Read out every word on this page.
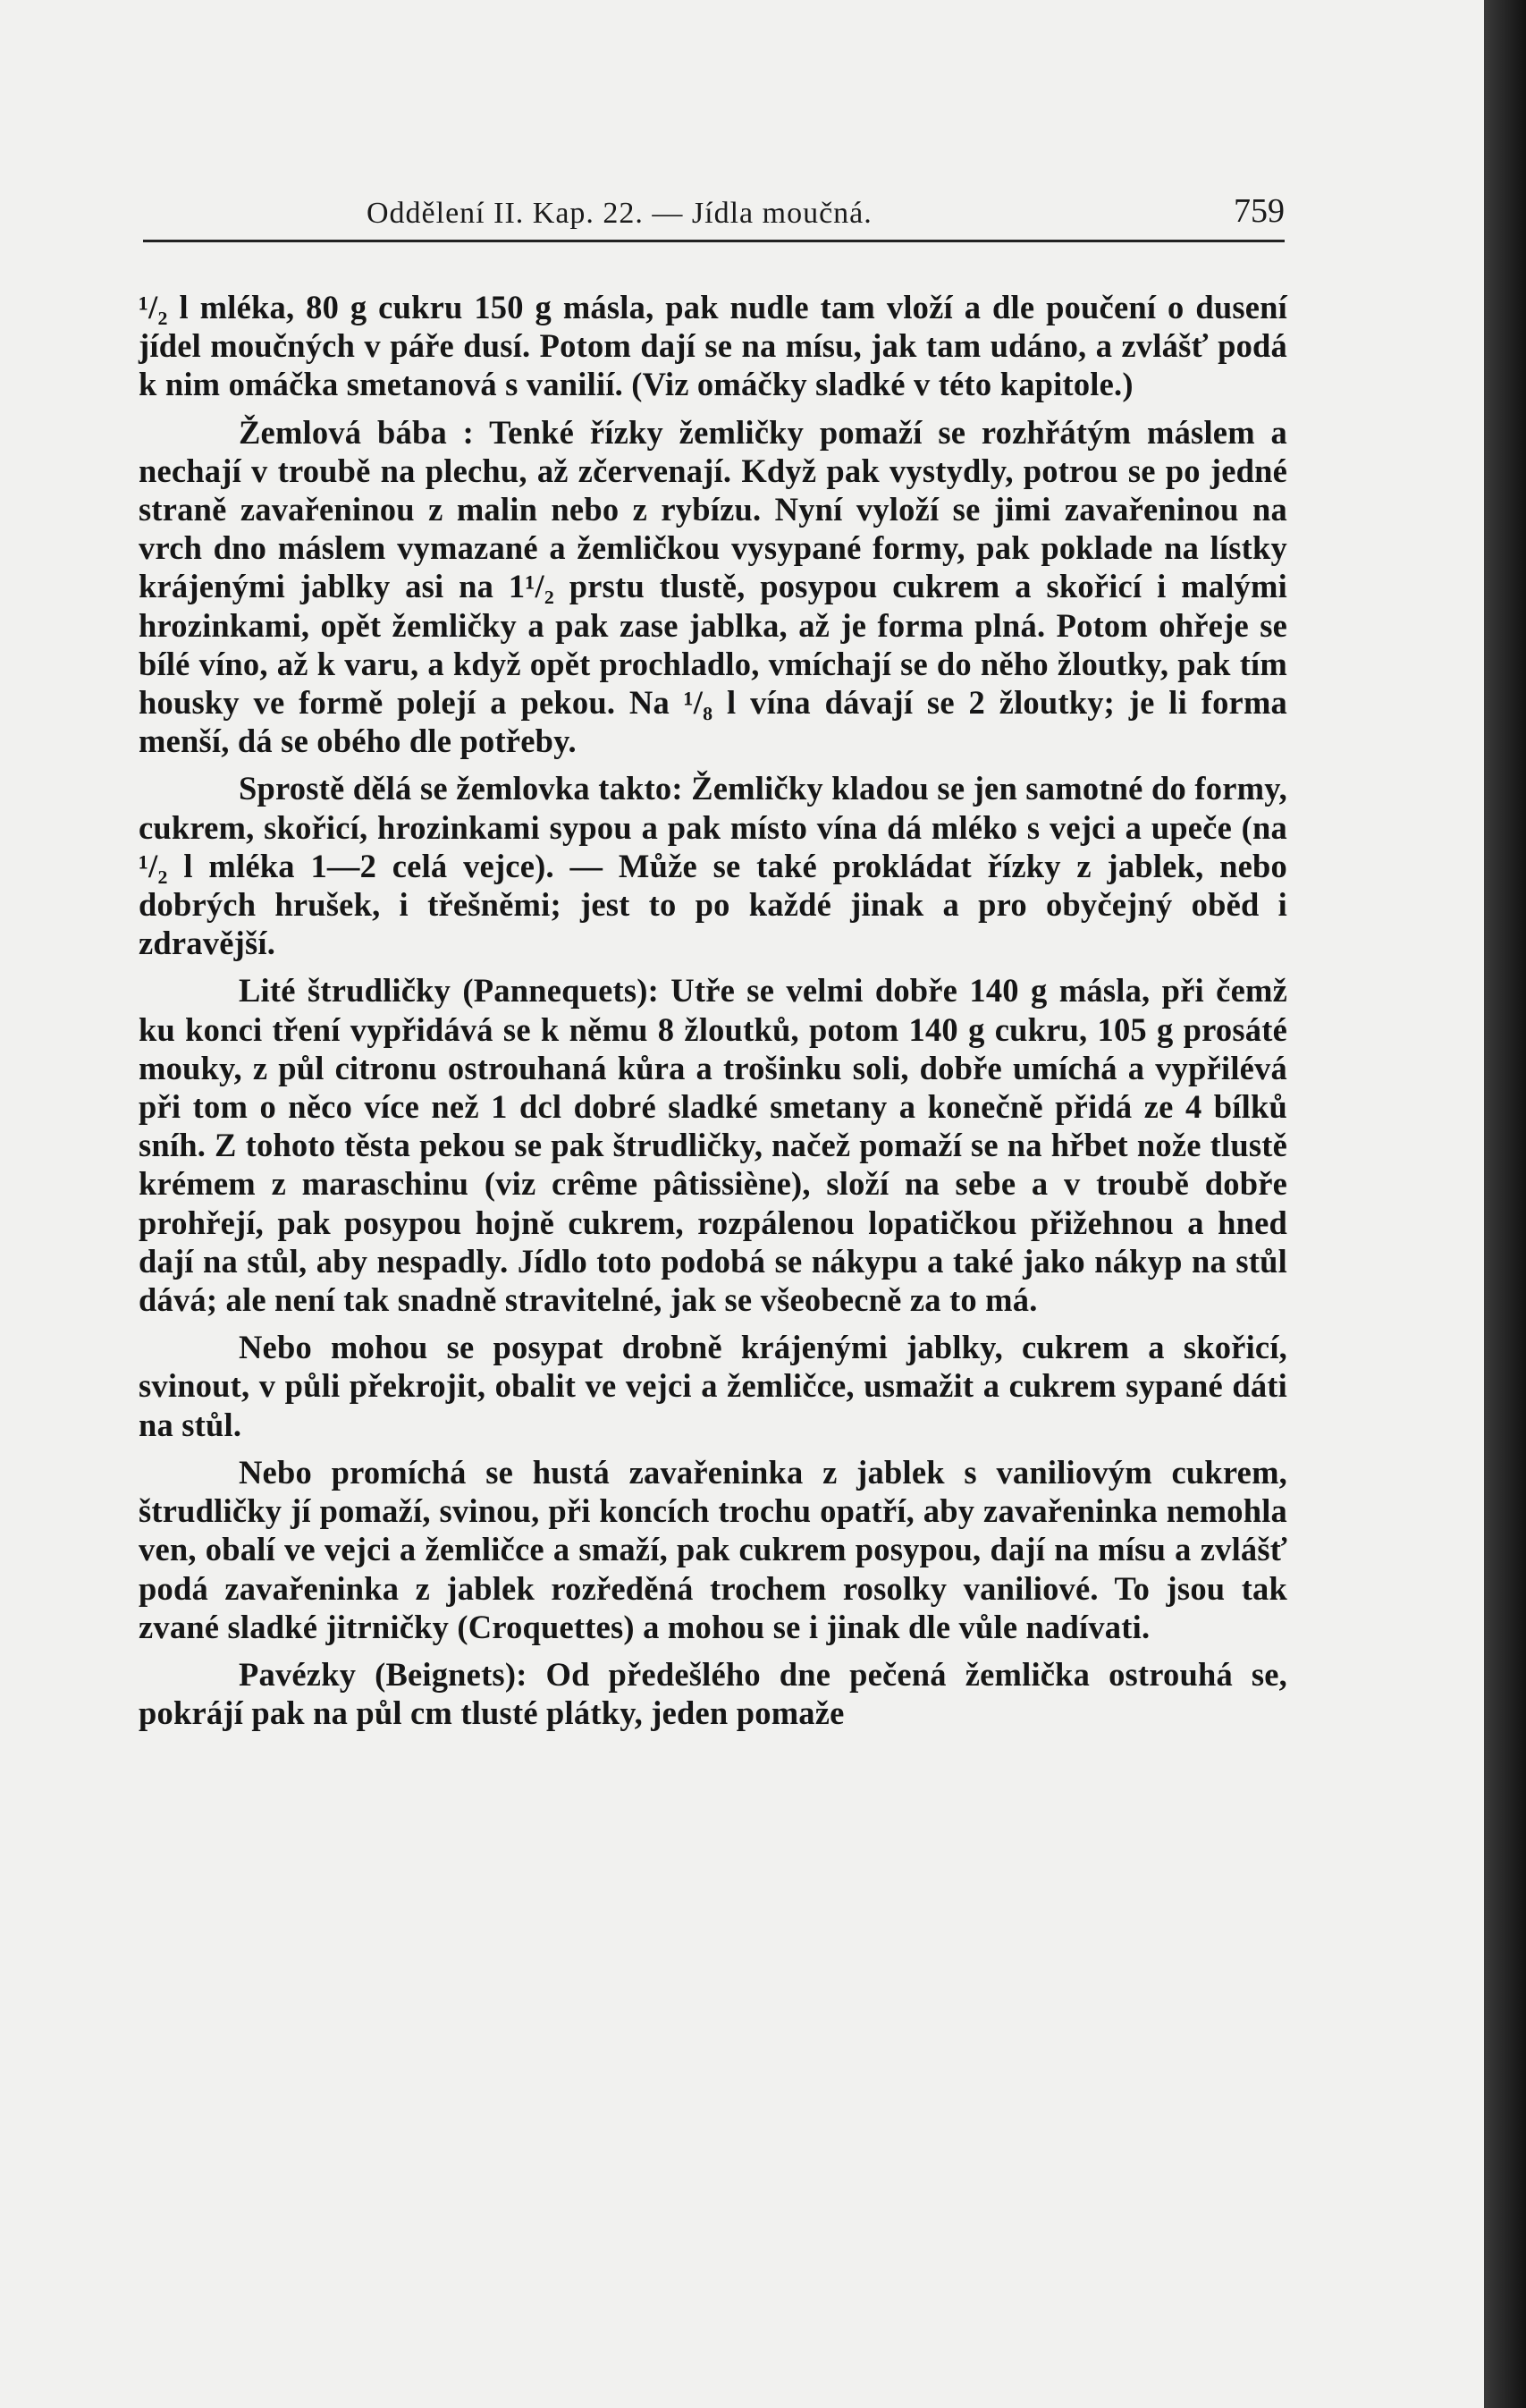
Oddělení II. Kap. 22. — Jídla moučná.	759

¹/₂ l mléka, 80 g cukru 150 g másla, pak nudle tam vloží a dle poučení o dusení jídel moučných v páře dusí. Potom dají se na mísu, jak tam udáno, a zvlášť podá k nim omáčka smetanová s vanilií. (Viz omáčky sladké v této kapitole.)

Žemlová bába : Tenké řízky žemličky pomaží se rozhřátým máslem a nechají v troubě na plechu, až zčervenají. Když pak vystydly, potrou se po jedné straně zavařeninou z malin nebo z rybízu. Nyní vyloží se jimi zavařeninou na vrch dno máslem vymazané a žemličkou vysypané formy, pak poklade na lístky krájenými jablky asi na 1¹/₂ prstu tlustě, posypou cukrem a skořicí i malými hrozinkami, opět žemličky a pak zase jablka, až je forma plná. Potom ohřeje se bílé víno, až k varu, a když opět prochladlo, vmíchají se do něho žloutky, pak tím housky ve formě polejí a pekou. Na ¹/₈ l vína dávají se 2 žloutky; je li forma menší, dá se obého dle potřeby.

Sprostě dělá se žemlovka takto: Žemličky kladou se jen samotné do formy, cukrem, skořicí, hrozinkami sypou a pak místo vína dá mléko s vejci a upeče (na ¹/₂ l mléka 1—2 celá vejce). — Může se také prokládat řízky z jablek, nebo dobrých hrušek, i třešněmi; jest to po každé jinak a pro obyčejný oběd i zdravější.

Lité štrudličky (Pannequets): Utře se velmi dobře 140 g másla, při čemž ku konci tření vypřidává se k němu 8 žloutků, potom 140 g cukru, 105 g prosáté mouky, z půl citronu ostrouhaná kůra a trošinku soli, dobře umíchá a vypřilévá při tom o něco více než 1 dcl dobré sladké smetany a konečně přidá ze 4 bílků sníh. Z tohoto těsta pekou se pak štrudličky, načež pomaží se na hřbet nože tlustě krémem z maraschinu (viz crême pâtissiène), složí na sebe a v troubě dobře prohřejí, pak posypou hojně cukrem, rozpálenou lopatičkou přižehnou a hned dají na stůl, aby nespadly. Jídlo toto podobá se nákypu a také jako nákyp na stůl dává; ale není tak snadně stravitelné, jak se všeobecně za to má.

Nebo mohou se posypat drobně krájenými jablky, cukrem a skořicí, svinout, v půli překrojit, obalit ve vejci a žemličce, usmažit a cukrem sypané dáti na stůl.

Nebo promíchá se hustá zavařeninka z jablek s vaniliovým cukrem, štrudličky jí pomaží, svinou, při koncích trochu opatří, aby zavařeninka nemohla ven, obalí ve vejci a žemličce a smaží, pak cukrem posypou, dají na mísu a zvlášť podá zavařeninka z jablek rozředěná trochem rosolky vaniliové. To jsou tak zvané sladké jitrničky (Croquettes) a mohou se i jinak dle vůle nadívati.

Pavézky (Beignets): Od předešlého dne pečená žemlička ostrouhá se, pokrájí pak na půl cm tlusté plátky, jeden pomaže
